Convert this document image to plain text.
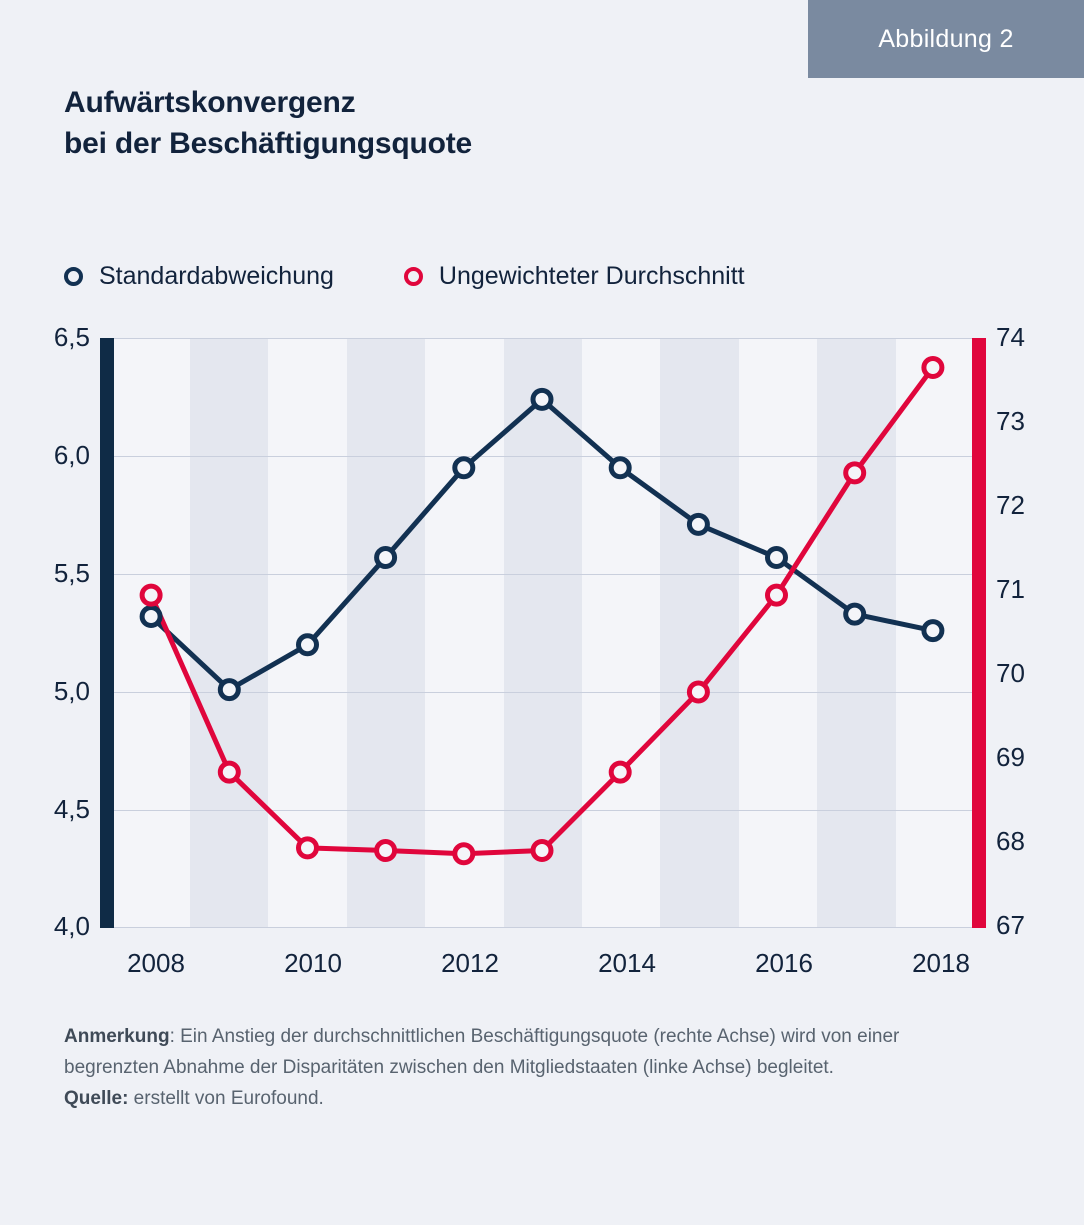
Abbildung 2
Aufwärtskonvergenz
bei der Beschäftigungsquote
Standardabweichung	Ungewichteter Durchschnitt
6,5
6,0
5,5
5,0
4,5
4,0
74
73
72
71
70
69
68
67
2008	2010	2012	2014	2016	2018
Anmerkung: Ein Anstieg der durchschnittlichen Beschäftigungsquote (rechte Achse) wird von einer begrenzten Abnahme der Disparitäten zwischen den Mitgliedstaaten (linke Achse) begleitet.
Quelle: erstellt von Eurofound.
